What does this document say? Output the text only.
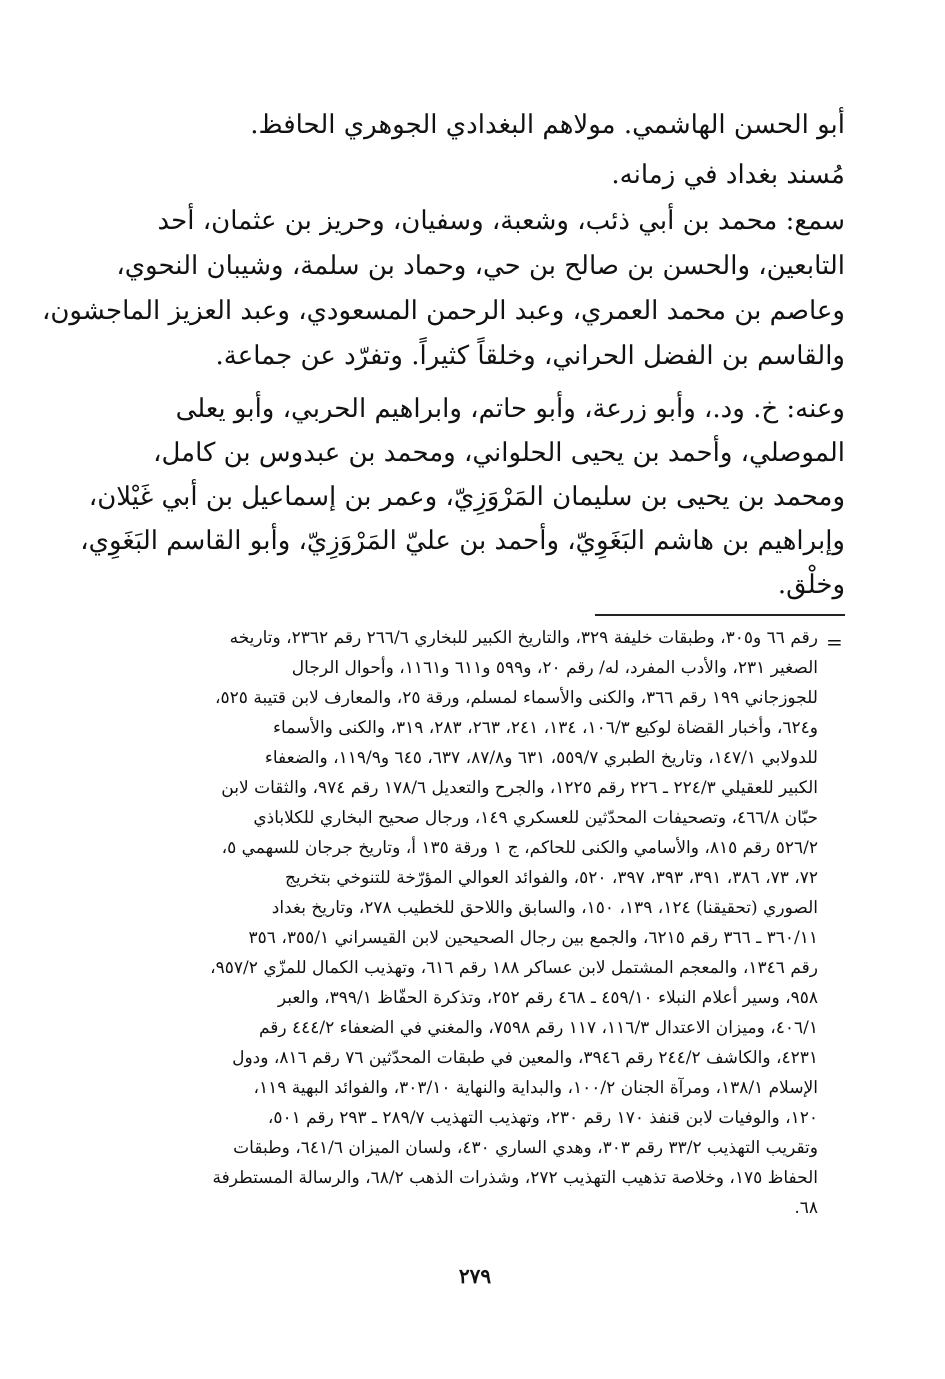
أبو الحسن الهاشمي. مولاهم البغدادي الجوهري الحافظ.
مُسند بغداد في زمانه.
سمع: محمد بن أبي ذئب، وشعبة، وسفيان، وحريز بن عثمان، أحد
التابعين، والحسن بن صالح بن حي، وحماد بن سلمة، وشيبان النحوي،
وعاصم بن محمد العمري، وعبد الرحمن المسعودي، وعبد العزيز الماجشون،
والقاسم بن الفضل الحراني، وخلقاً كثيراً. وتفرّد عن جماعة.
وعنه: خ. ود.، وأبو زرعة، وأبو حاتم، وابراهيم الحربي، وأبو يعلى
الموصلي، وأحمد بن يحيى الحلواني، ومحمد بن عبدوس بن كامل،
ومحمد بن يحيى بن سليمان المَرْوَزِيّ، وعمر بن إسماعيل بن أبي غَيْلان،
وإبراهيم بن هاشم البَغَوِيّ، وأحمد بن عليّ المَرْوَزِيّ، وأبو القاسم البَغَوِي،
وخلْق.
=
رقم ٦٦ و٣٠٥، وطبقات خليفة ٣٢٩، والتاريخ الكبير للبخاري ٢٦٦/٦ رقم ٢٣٦٢، وتاريخه
الصغير ٢٣١، والأدب المفرد، له/ رقم ٢٠، و٥٩٩ و٦١١ و١١٦١، وأحوال الرجال
للجوزجاني ١٩٩ رقم ٣٦٦، والكنى والأسماء لمسلم، ورقة ٢٥، والمعارف لابن قتيبة ٥٢٥،
و٦٢٤، وأخبار القضاة لوكيع ١٠٦/٣، ١٣٤، ٢٤١، ٢٦٣، ٢٨٣، ٣١٩، والكنى والأسماء
للدولابي ١٤٧/١، وتاريخ الطبري ٥٥٩/٧، ٦٣١ و٨٧/٨، ٦٣٧، ٦٤٥ و١١٩/٩، والضعفاء
الكبير للعقيلي ٢٢٤/٣ ـ ٢٢٦ رقم ١٢٢٥، والجرح والتعديل ١٧٨/٦ رقم ٩٧٤، والثقات لابن
حبّان ٤٦٦/٨، وتصحيفات المحدّثين للعسكري ١٤٩، ورجال صحيح البخاري للكلاباذي
٥٢٦/٢ رقم ٨١٥، والأسامي والكنى للحاكم، ج ١ ورقة ١٣٥ أ، وتاريخ جرجان للسهمي ٥،
٧٢، ٧٣، ٣٨٦، ٣٩١، ٣٩٣، ٣٩٧، ٥٢٠، والفوائد العوالي المؤرّخة للتنوخي بتخريج
الصوري (تحقيقنا) ١٢٤، ١٣٩، ١٥٠، والسابق واللاحق للخطيب ٢٧٨، وتاريخ بغداد
٣٦٠/١١ ـ ٣٦٦ رقم ٦٢١٥، والجمع بين رجال الصحيحين لابن القيسراني ٣٥٥/١، ٣٥٦
رقم ١٣٤٦، والمعجم المشتمل لابن عساكر ١٨٨ رقم ٦١٦، وتهذيب الكمال للمزّي ٩٥٧/٢،
٩٥٨، وسير أعلام النبلاء ٤٥٩/١٠ ـ ٤٦٨ رقم ٢٥٢، وتذكرة الحفّاظ ٣٩٩/١، والعبر
٤٠٦/١، وميزان الاعتدال ١١٦/٣، ١١٧ رقم ٧٥٩٨، والمغني في الضعفاء ٤٤٤/٢ رقم
٤٢٣١، والكاشف ٢٤٤/٢ رقم ٣٩٤٦، والمعين في طبقات المحدّثين ٧٦ رقم ٨١٦، ودول
الإسلام ١٣٨/١، ومرآة الجنان ١٠٠/٢، والبداية والنهاية ٣٠٣/١٠، والفوائد البهية ١١٩،
١٢٠، والوفيات لابن قنفذ ١٧٠ رقم ٢٣٠، وتهذيب التهذيب ٢٨٩/٧ ـ ٢٩٣ رقم ٥٠١،
وتقريب التهذيب ٣٣/٢ رقم ٣٠٣، وهدي الساري ٤٣٠، ولسان الميزان ٦٤١/٦، وطبقات
الحفاظ ١٧٥، وخلاصة تذهيب التهذيب ٢٧٢، وشذرات الذهب ٦٨/٢، والرسالة المستطرفة
٦٨.
٢٧٩
